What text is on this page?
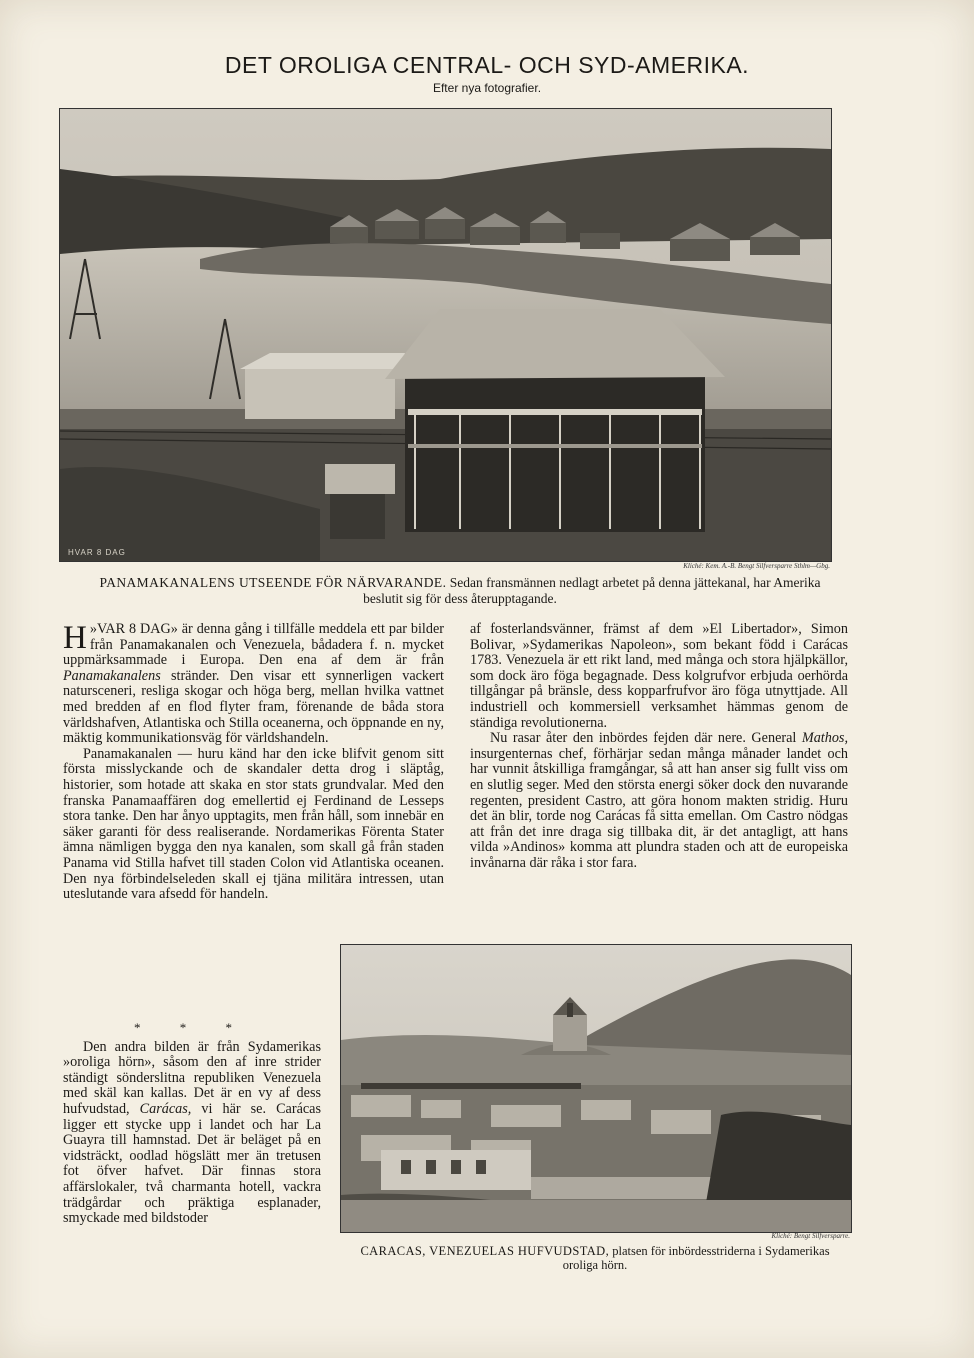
DET OROLIGA CENTRAL- OCH SYD-AMERIKA.
Efter nya fotografier.
HVAR 8 DAG
Kliché: Kem. A.-B. Bengt Silfversparre Sthlm—Gbg.
PANAMAKANALENS UTSEENDE FÖR NÄRVARANDE. Sedan fransmännen nedlagt arbetet på denna jättekanal, har Amerika beslutit sig för dess återupptagande.

»
H VAR 8 DAG» är denna gång i tillfälle meddela ett par bilder från Panamakanalen och Venezuela, bådadera f. n. mycket uppmärksammade i Europa. Den ena af dem är från Panamakanalens stränder. Den visar ett synnerligen vackert natursceneri, resliga skogar och höga berg, mellan hvilka vattnet med bredden af en flod flyter fram, förenande de båda stora världshafven, Atlantiska och Stilla oceanerna, och öppnande en ny, mäktig kommunikationsväg för världshandeln.

Panamakanalen — huru känd har den icke blifvit genom sitt första misslyckande och de skandaler detta drog i släptåg, historier, som hotade att skaka en stor stats grundvalar. Med den franska Panamaaffären dog emellertid ej Ferdinand de Lesseps stora tanke. Den har ånyo upptagits, men från håll, som innebär en säker garanti för dess realiserande. Nordamerikas Förenta Stater ämna nämligen bygga den nya kanalen, som skall gå från staden Panama vid Stilla hafvet till staden Colon vid Atlantiska oceanen. Den nya förbindelseleden skall ej tjäna militära intressen, utan uteslutande vara afsedd för handeln.

* * *

Den andra bilden är från Sydamerikas »oroliga hörn», såsom den af inre strider ständigt sönderslitna republiken Venezuela med skäl kan kallas. Det är en vy af dess hufvudstad, Carácas, vi här se. Carácas ligger ett stycke upp i landet och har La Guayra till hamnstad. Det är beläget på en vidsträckt, oodlad högslätt mer än tretusen fot öfver hafvet. Där finnas stora affärslokaler, två charmanta hotell, vackra trädgårdar och präktiga esplanader, smyckade med bildstoder

af fosterlandsvänner, främst af dem »El Libertador», Simon Bolivar, »Sydamerikas Napoleon», som bekant född i Carácas 1783. Venezuela är ett rikt land, med många och stora hjälpkällor, som dock äro föga begagnade. Dess kolgrufvor erbjuda oerhörda tillgångar på bränsle, dess kopparfrufvor äro föga utnyttjade. All industriell och kommersiell verksamhet hämmas genom de ständiga revolutionerna.

Nu rasar åter den inbördes fejden där nere. General Mathos, insurgenternas chef, förhärjar sedan många månader landet och har vunnit åtskilliga framgångar, så att han anser sig fullt viss om en slutlig seger. Med den största energi söker dock den nuvarande regenten, president Castro, att göra honom makten stridig. Huru det än blir, torde nog Carácas få sitta emellan. Om Castro nödgas att från det inre draga sig tillbaka dit, är det antagligt, att hans vilda »Andinos» komma att plundra staden och att de europeiska invånarna där råka i stor fara.

Kliché: Bengt Silfversparre.
CARACAS, VENEZUELAS HUFVUDSTAD, platsen för inbördesstriderna i Sydamerikas oroliga hörn.
